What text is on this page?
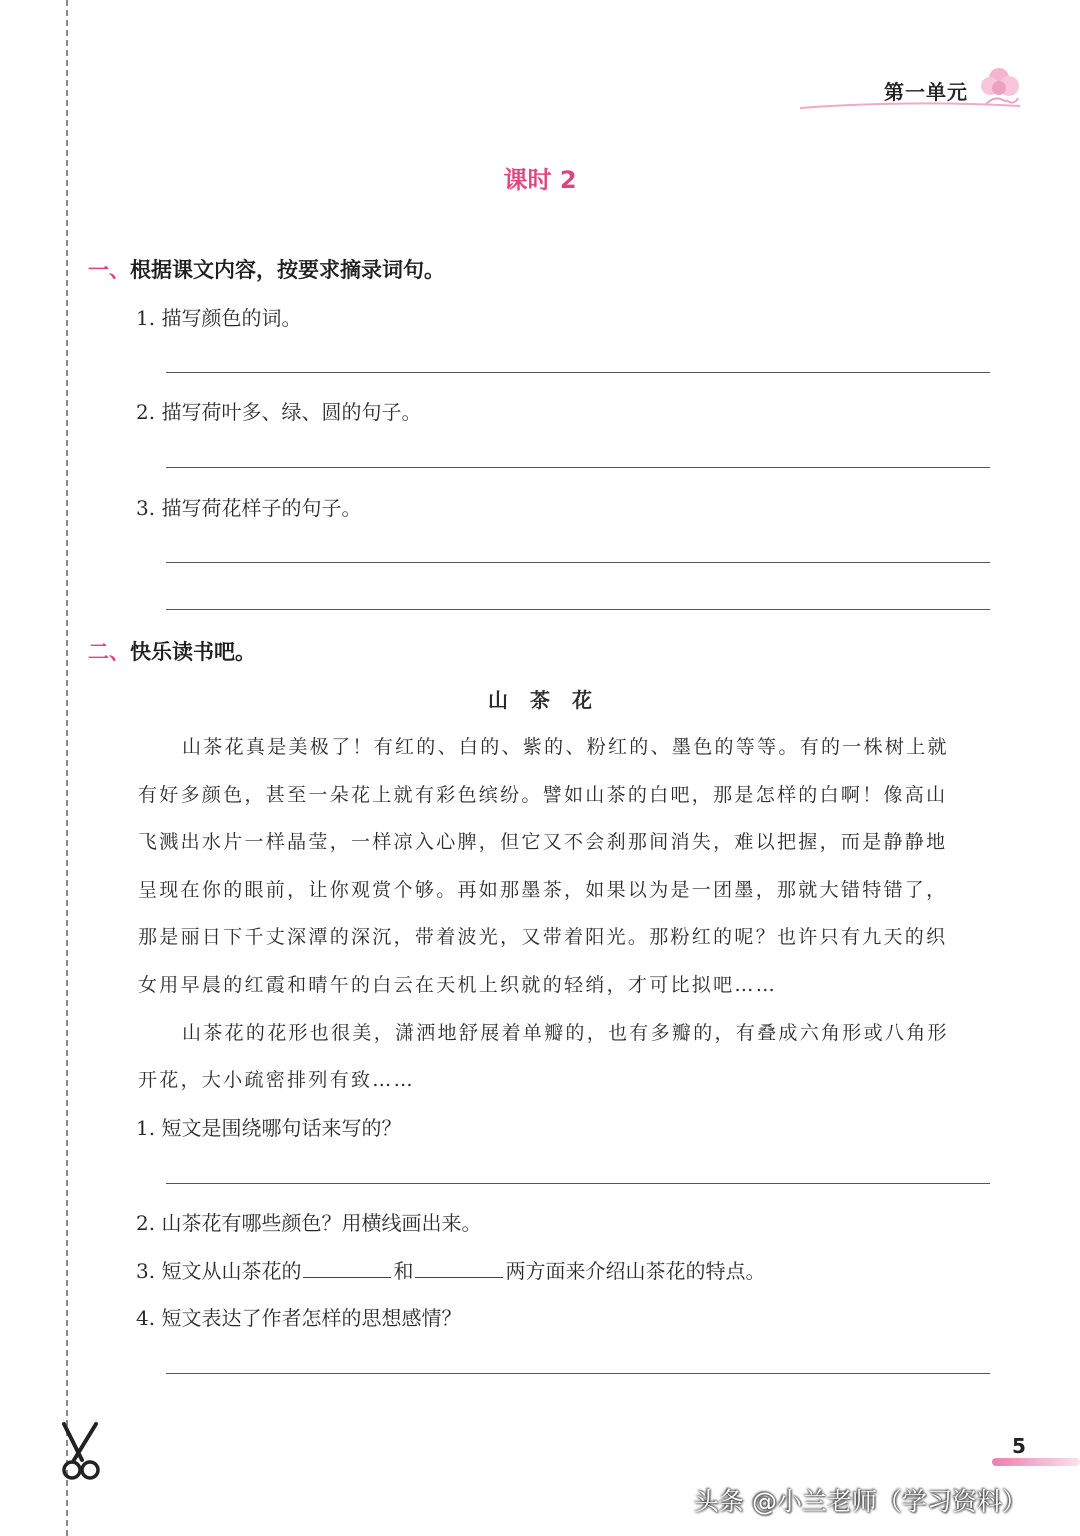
第一单元
课时 2
一、根据课文内容，按要求摘录词句。
1. 描写颜色的词。
2. 描写荷叶多、绿、圆的句子。
3. 描写荷花样子的句子。
二、快乐读书吧。
山茶花
山茶花真是美极了！有红的、白的、紫的、粉红的、墨色的等等。有的一株树上就
有好多颜色，甚至一朵花上就有彩色缤纷。譬如山茶的白吧，那是怎样的白啊！像高山
飞溅出水片一样晶莹，一样凉入心脾，但它又不会刹那间消失，难以把握，而是静静地
呈现在你的眼前，让你观赏个够。再如那墨茶，如果以为是一团墨，那就大错特错了，
那是丽日下千丈深潭的深沉，带着波光，又带着阳光。那粉红的呢？也许只有九天的织
女用早晨的红霞和晴午的白云在天机上织就的轻绡，才可比拟吧……
山茶花的花形也很美，潇洒地舒展着单瓣的，也有多瓣的，有叠成六角形或八角形
开花，大小疏密排列有致……
1. 短文是围绕哪句话来写的？
2. 山茶花有哪些颜色？用横线画出来。
3. 短文从山茶花的	和	两方面来介绍山茶花的特点。
4. 短文表达了作者怎样的思想感情？
5
头条 @小兰老师（学习资料）
